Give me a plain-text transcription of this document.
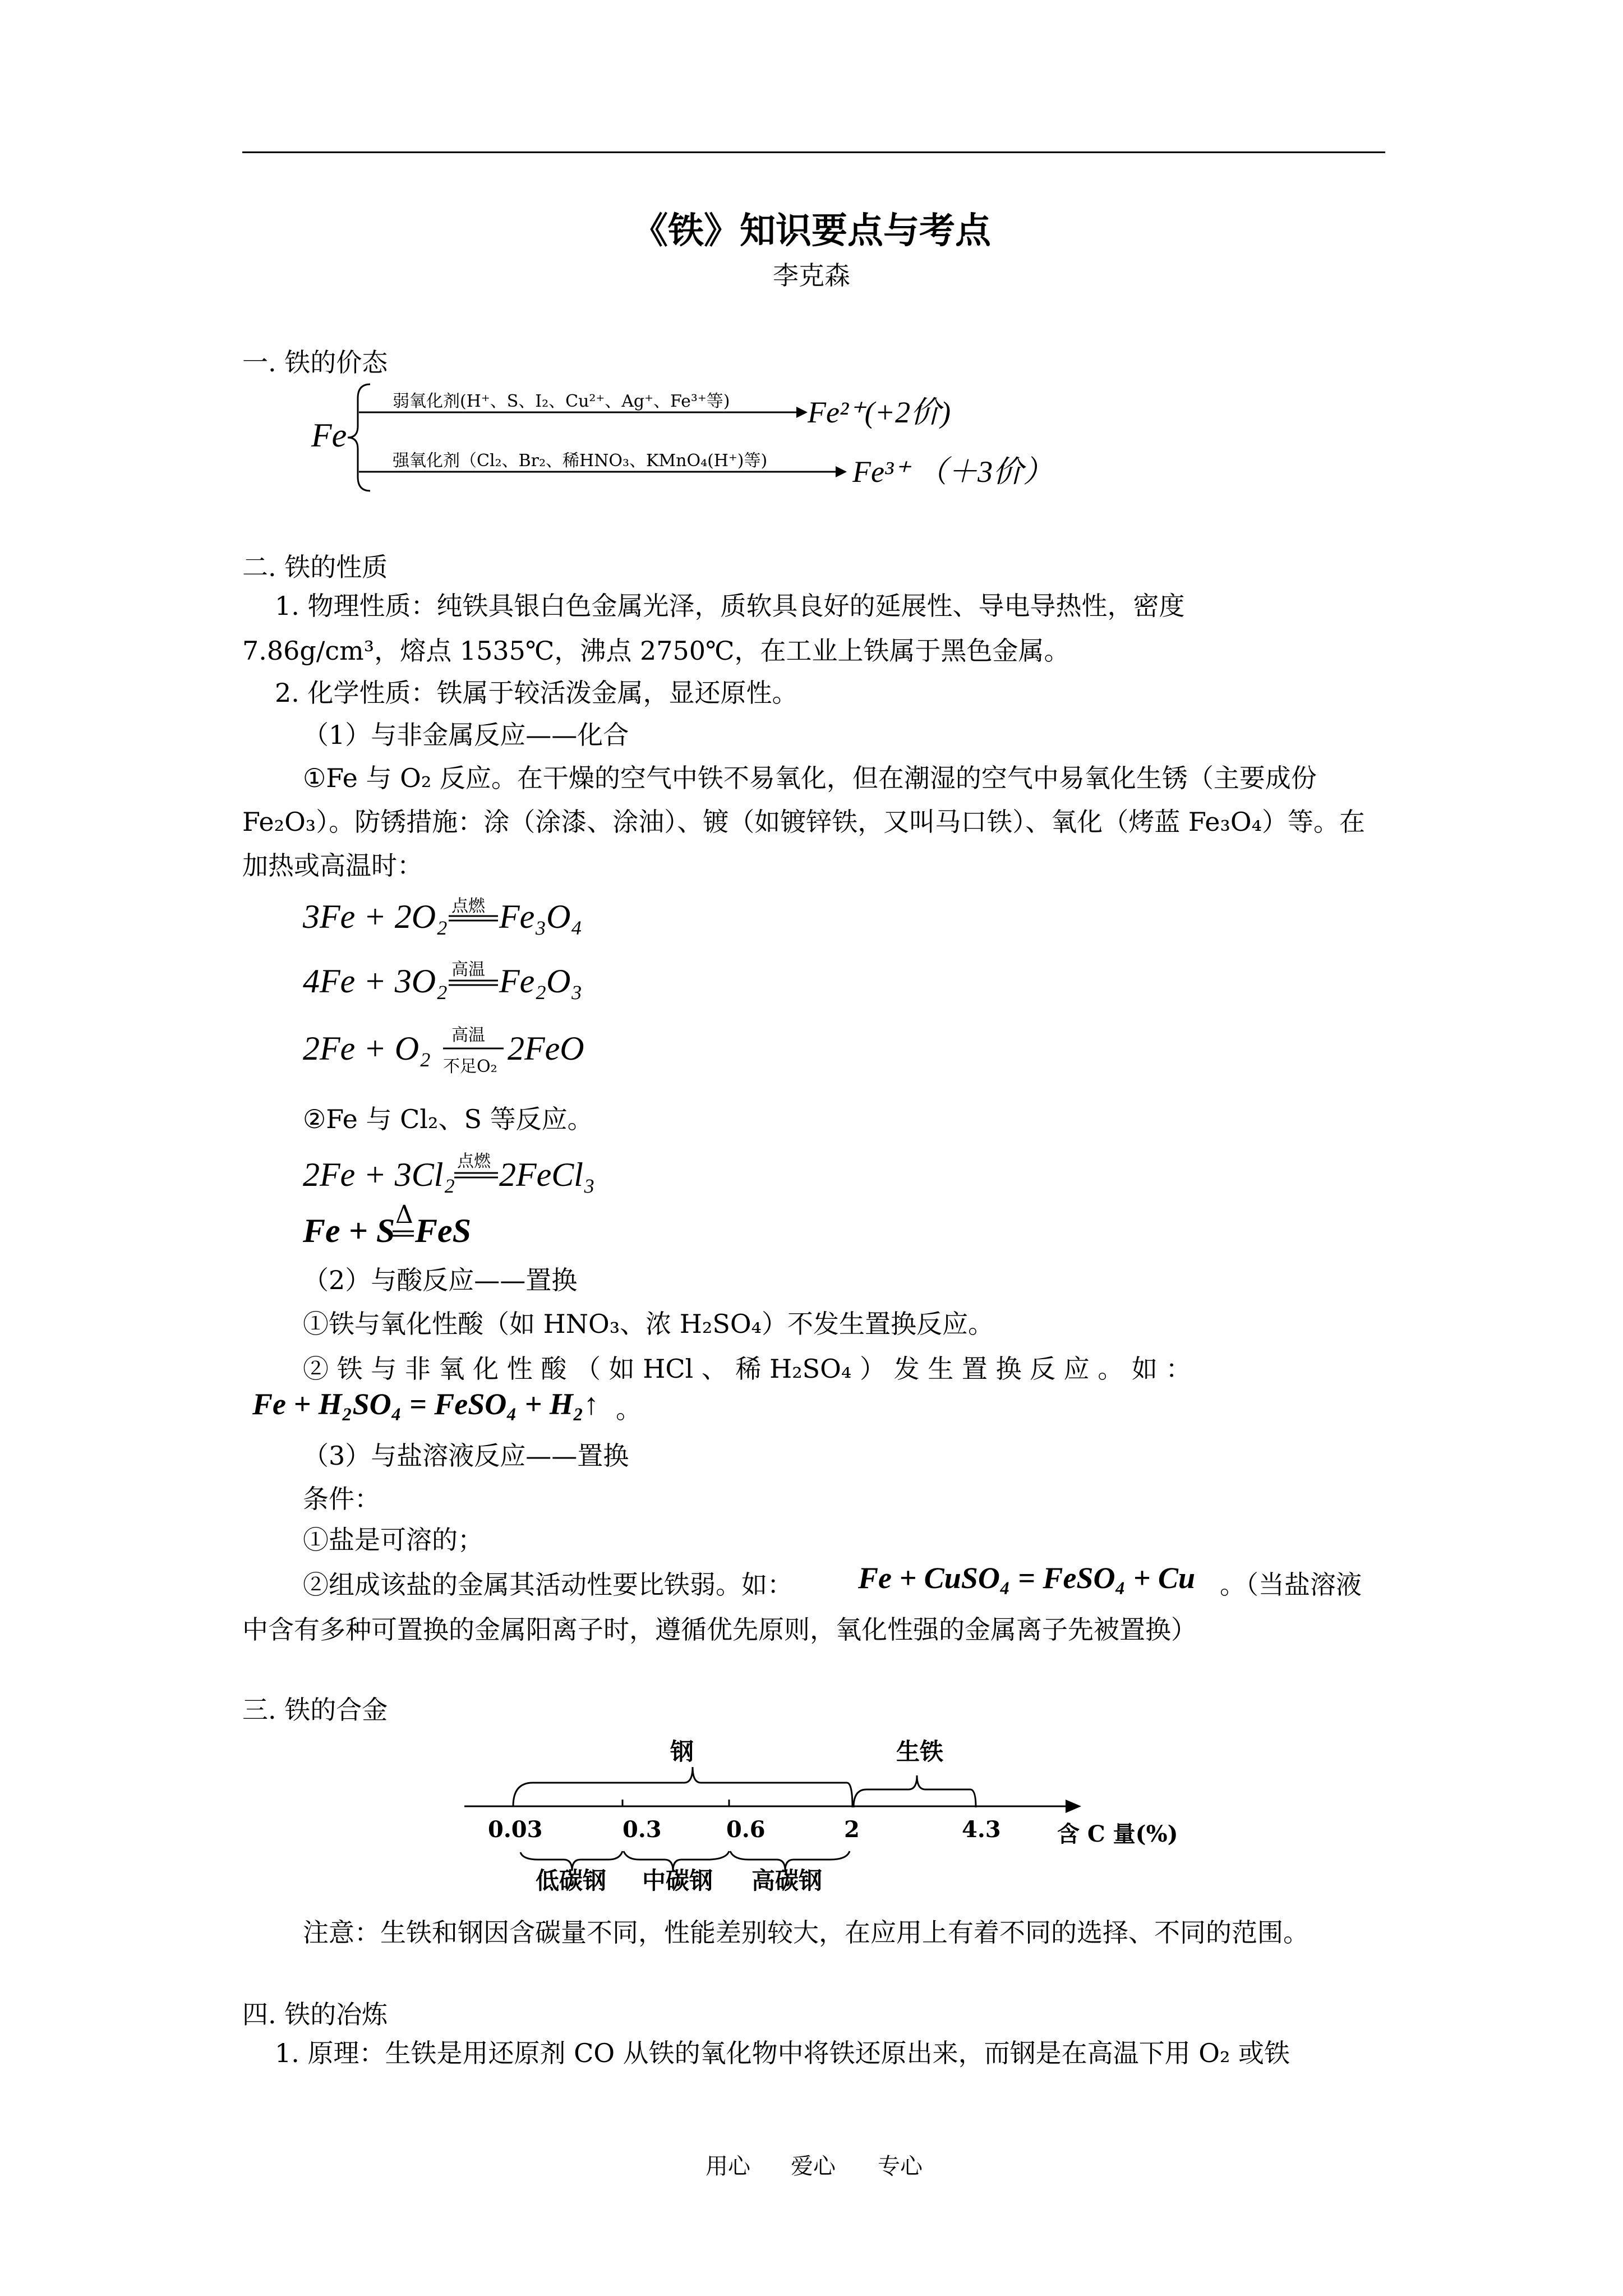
《铁》知识要点与考点
李克森
一. 铁的价态
Fe
弱氧化剂(H⁺、S、I₂、Cu²⁺、Ag⁺、Fe³⁺等)	Fe²⁺(+2价)
强氧化剂（Cl₂、Br₂、稀HNO₃、KMnO₄(H⁺)等)	Fe³⁺ （＋3价）
二. 铁的性质
1. 物理性质：纯铁具银白色金属光泽，质软具良好的延展性、导电导热性，密度
7.86g/cm³，熔点 1535℃，沸点 2750℃，在工业上铁属于黑色金属。
2. 化学性质：铁属于较活泼金属，显还原性。
（1）与非金属反应——化合
①Fe 与 O₂ 反应。在干燥的空气中铁不易氧化，但在潮湿的空气中易氧化生锈（主要成份 Fe₂O₃）。防锈措施：涂（涂漆、涂油）、镀（如镀锌铁，又叫马口铁）、氧化（烤蓝 Fe₃O₄）等。在加热或高温时：
3Fe + 2O₂ 点燃 Fe₃O₄
4Fe + 3O₂ 高温 Fe₂O₃
2Fe + O₂ 高温
不足O₂ 2FeO
②Fe 与 Cl₂、S 等反应。
2Fe + 3Cl₂ 点燃 2FeCl₃
Fe + S Δ FeS
（2）与酸反应——置换
①铁与氧化性酸（如 HNO₃、浓 H₂SO₄）不发生置换反应。
② 铁 与 非 氧 化 性 酸 （ 如 HCl 、 稀 H₂SO₄ ） 发 生 置 换 反 应 。 如 ：
Fe + H₂SO₄ = FeSO₄ + H₂↑ 。
（3）与盐溶液反应——置换
条件：
①盐是可溶的；
②组成该盐的金属其活动性要比铁弱。如： Fe + CuSO₄ = FeSO₄ + Cu 。（当盐溶液
中含有多种可置换的金属阳离子时，遵循优先原则，氧化性强的金属离子先被置换）
三. 铁的合金
钢	生铁
0.03	0.3	0.6	2	4.3	含 C 量(%)
低碳钢 中碳钢 高碳钢
注意：生铁和钢因含碳量不同，性能差别较大，在应用上有着不同的选择、不同的范围。
四. 铁的冶炼
1. 原理：生铁是用还原剂 CO 从铁的氧化物中将铁还原出来，而钢是在高温下用 O₂ 或铁
用心 爱心 专心
